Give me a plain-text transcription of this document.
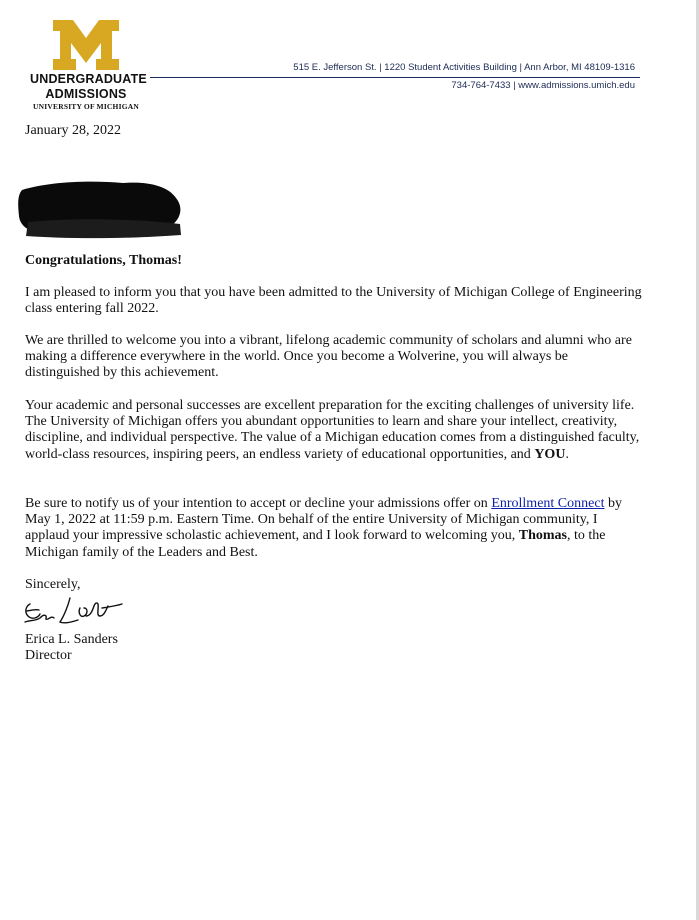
UNDERGRADUATE
ADMISSIONS
UNIVERSITY OF MICHIGAN
515 E. Jefferson St. | 1220 Student Activities Building | Ann Arbor, MI 48109-1316
734-764-7433 | www.admissions.umich.edu
January 28, 2022
Congratulations, Thomas!
I am pleased to inform you that you have been admitted to the University of Michigan College of Engineering class entering fall 2022.
We are thrilled to welcome you into a vibrant, lifelong academic community of scholars and alumni who are making a difference everywhere in the world. Once you become a Wolverine, you will always be distinguished by this achievement.
Your academic and personal successes are excellent preparation for the exciting challenges of university life. The University of Michigan offers you abundant opportunities to learn and share your intellect, creativity, discipline, and individual perspective. The value of a Michigan education comes from a distinguished faculty, world-class resources, inspiring peers, an endless variety of educational opportunities, and YOU.
Be sure to notify us of your intention to accept or decline your admissions offer on Enrollment Connect by May 1, 2022 at 11:59 p.m. Eastern Time. On behalf of the entire University of Michigan community, I applaud your impressive scholastic achievement, and I look forward to welcoming you, Thomas, to the Michigan family of the Leaders and Best.
Sincerely,
Erica L. Sanders
Director
